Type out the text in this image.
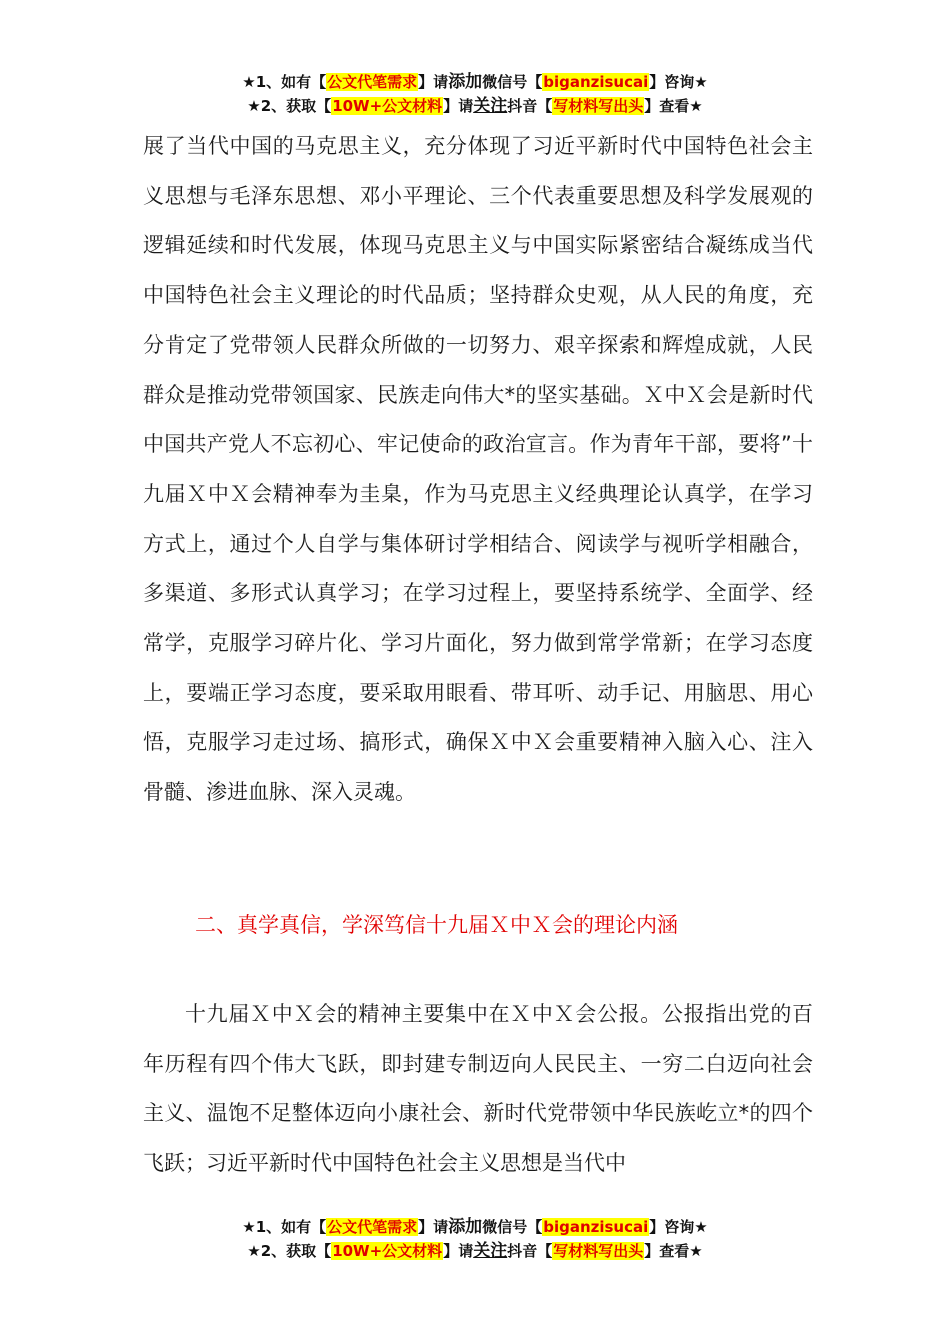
★1、如有【公文代笔需求】请添加微信号【biganzisucai】咨询★
★2、获取【10W+公文材料】请关注抖音【写材料写出头】查看★

展了当代中国的马克思主义，充分体现了习近平新时代中国特色社会主义思想与毛泽东思想、邓小平理论、三个代表重要思想及科学发展观的逻辑延续和时代发展，体现马克思主义与中国实际紧密结合凝练成当代中国特色社会主义理论的时代品质；坚持群众史观，从人民的角度，充分肯定了党带领人民群众所做的一切努力、艰辛探索和辉煌成就，人民群众是推动党带领国家、民族走向伟大*的坚实基础。Ｘ中Ｘ会是新时代中国共产党人不忘初心、牢记使命的政治宣言。作为青年干部，要将”十九届Ｘ中Ｘ会精神奉为圭臬，作为马克思主义经典理论认真学，在学习方式上，通过个人自学与集体研讨学相结合、阅读学与视听学相融合，多渠道、多形式认真学习；在学习过程上，要坚持系统学、全面学、经常学，克服学习碎片化、学习片面化，努力做到常学常新；在学习态度上，要端正学习态度，要采取用眼看、带耳听、动手记、用脑思、用心悟，克服学习走过场、搞形式，确保Ｘ中Ｘ会重要精神入脑入心、注入骨髓、渗进血脉、深入灵魂。

二、真学真信，学深笃信十九届Ｘ中Ｘ会的理论内涵

十九届Ｘ中Ｘ会的精神主要集中在Ｘ中Ｘ会公报。公报指出党的百年历程有四个伟大飞跃，即封建专制迈向人民民主、一穷二白迈向社会主义、温饱不足整体迈向小康社会、新时代党带领中华民族屹立*的四个飞跃；习近平新时代中国特色社会主义思想是当代中

★1、如有【公文代笔需求】请添加微信号【biganzisucai】咨询★
★2、获取【10W+公文材料】请关注抖音【写材料写出头】查看★
